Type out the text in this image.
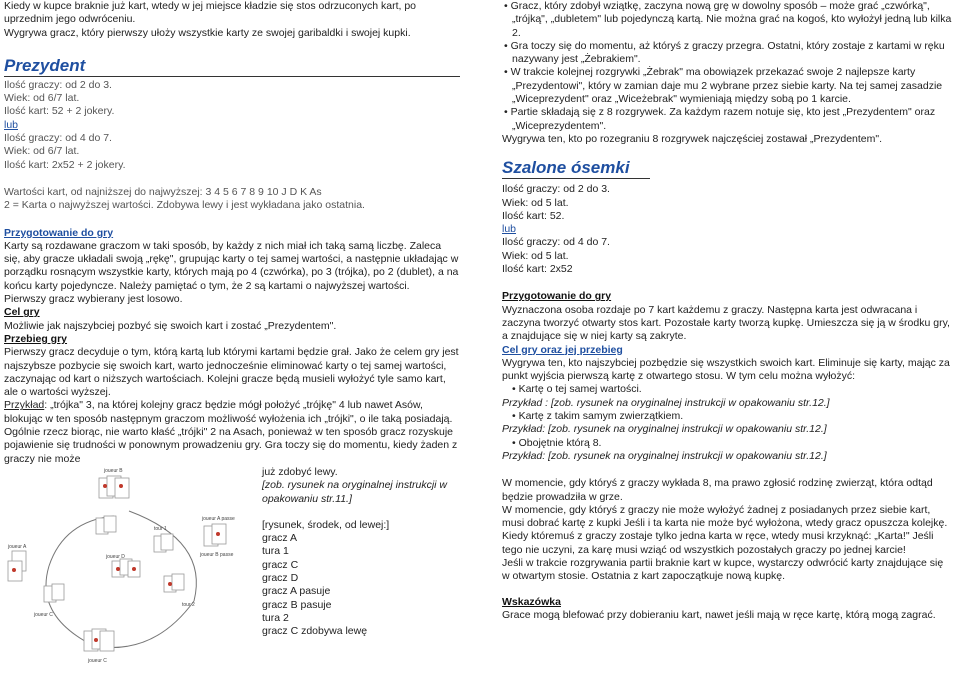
Kiedy w kupce braknie już kart, wtedy w jej miejsce kładzie się stos odrzuconych kart, po uprzednim jego odwróceniu.

Wygrywa gracz, który pierwszy ułoży wszystkie karty ze swojej garibaldki i swojej kupki.

Prezydent

Ilość graczy: od 2 do 3.

Wiek: od 6/7 lat.

Ilość kart: 52 + 2 jokery.

lub

Ilość graczy: od 4 do 7.

Wiek: od 6/7 lat.

Ilość kart: 2x52 + 2 jokery.

Wartości kart, od najniższej do najwyższej: 3 4 5 6 7 8 9 10 J D K As

2 = Karta o najwyższej wartości. Zdobywa lewy i jest wykładana jako ostatnia.

Przygotowanie do gry

Karty są rozdawane graczom w taki sposób, by każdy z nich miał ich taką samą liczbę. Zaleca się, aby gracze układali swoją „rękę", grupując karty o tej samej wartości, a następnie układając w porządku rosnącym wszystkie karty, których mają po 4 (czwórka), po 3 (trójka), po 2 (dublet), a na końcu karty pojedyncze. Należy pamiętać o tym, że 2 są kartami o najwyższej wartości.

Pierwszy gracz wybierany jest losowo.

Cel gry

Możliwie jak najszybciej pozbyć się swoich kart i zostać „Prezydentem".

Przebieg gry

Pierwszy gracz decyduje o tym, którą kartą lub którymi kartami będzie grał. Jako że celem gry jest najszybsze pozbycie się swoich kart, warto jednocześnie eliminować karty o tej samej wartości, zaczynając od kart o niższych wartościach. Kolejni gracze będą musieli wyłożyć tyle samo kart, ale o wartości wyższej.

Przykład: „trójka" 3, na której kolejny gracz będzie mógł położyć „trójkę" 4 lub nawet Asów, blokując w ten sposób następnym graczom możliwość wyłożenia ich „trójki", o ile taką posiadają. Ogólnie rzecz biorąc, nie warto kłaść „trójki" 2 na Asach, ponieważ w ten sposób gracz rozyskuje pojawienie się trudności w ponownym prowadzeniu gry. Gra toczy się do momentu, kiedy żaden z graczy nie może

joueur B
joueur A
joueur D
joueur C
tour 1
tour 2
joueur A passe
joueur B passe
joueur C

już zdobyć lewy.

[zob. rysunek na oryginalnej instrukcji w

opakowaniu str.11.]

[rysunek, środek, od lewej:]

gracz A

tura 1

gracz C

gracz D

gracz A pasuje

gracz B pasuje

tura 2

gracz C zdobywa lewę

• Gracz, który zdobył wziątkę, zaczyna nową grę w dowolny sposób – może grać „czwórką", „trójką", „dubletem" lub pojedynczą kartą. Nie można grać na kogoś, kto wyłożył jedną lub kilka 2.

• Gra toczy się do momentu, aż któryś z graczy przegra. Ostatni, który zostaje z kartami w ręku nazywany jest „Żebrakiem".

• W trakcie kolejnej rozgrywki „Żebrak" ma obowiązek przekazać swoje 2 najlepsze karty „Prezydentowi", który w zamian daje mu 2 wybrane przez siebie karty. Na tej samej zasadzie „Wiceprezydent" oraz „Wiceżebrak" wymieniają między sobą po 1 karcie.

• Partie składają się z 8 rozgrywek. Za każdym razem notuje się, kto jest „Prezydentem" oraz „Wiceprezydentem".

Wygrywa ten, kto po rozegraniu 8 rozgrywek najczęściej zostawał „Prezydentem".

Szalone ósemki

Ilość graczy: od 2 do 3.

Wiek: od 5 lat.

Ilość kart: 52.

lub

Ilość graczy: od 4 do 7.

Wiek: od 5 lat.

Ilość kart: 2x52

Przygotowanie do gry

Wyznaczona osoba rozdaje po 7 kart każdemu z graczy. Następna karta jest odwracana i zaczyna tworzyć otwarty stos kart. Pozostałe karty tworzą kupkę. Umieszcza się ją w środku gry, a znajdujące się w niej karty są zakryte.

Cel gry oraz jej przebieg

Wygrywa ten, kto najszybciej pozbędzie się wszystkich swoich kart. Eliminuje się karty, mając za punkt wyjścia pierwszą kartę z otwartego stosu. W tym celu można wyłożyć:

• Kartę o tej samej wartości.

Przykład : [zob. rysunek na oryginalnej instrukcji w opakowaniu str.12.]

• Kartę z takim samym zwierzątkiem.

Przykład: [zob. rysunek na oryginalnej instrukcji w opakowaniu str.12.]

• Obojętnie którą 8.

Przykład: [zob. rysunek na oryginalnej instrukcji w opakowaniu str.12.]

W momencie, gdy któryś z graczy wykłada 8, ma prawo zgłosić rodzinę zwierząt, która odtąd będzie prowadziła w grze.

W momencie, gdy któryś z graczy nie może wyłożyć żadnej z posiadanych przez siebie kart, musi dobrać kartę z kupki Jeśli i ta karta nie może być wyłożona, wtedy gracz opuszcza kolejkę.

Kiedy któremuś z graczy zostaje tylko jedna karta w ręce, wtedy musi krzyknąć: „Karta!" Jeśli tego nie uczyni, za karę musi wziąć od wszystkich pozostałych graczy po jednej karcie!

Jeśli w trakcie rozgrywania partii braknie kart w kupce, wystarczy odwrócić karty znajdujące się w otwartym stosie. Ostatnia z kart zapoczątkuje nową kupkę.

Wskazówka

Grace mogą blefować przy dobieraniu kart, nawet jeśli mają w ręce kartę, którą mogą zagrać.
